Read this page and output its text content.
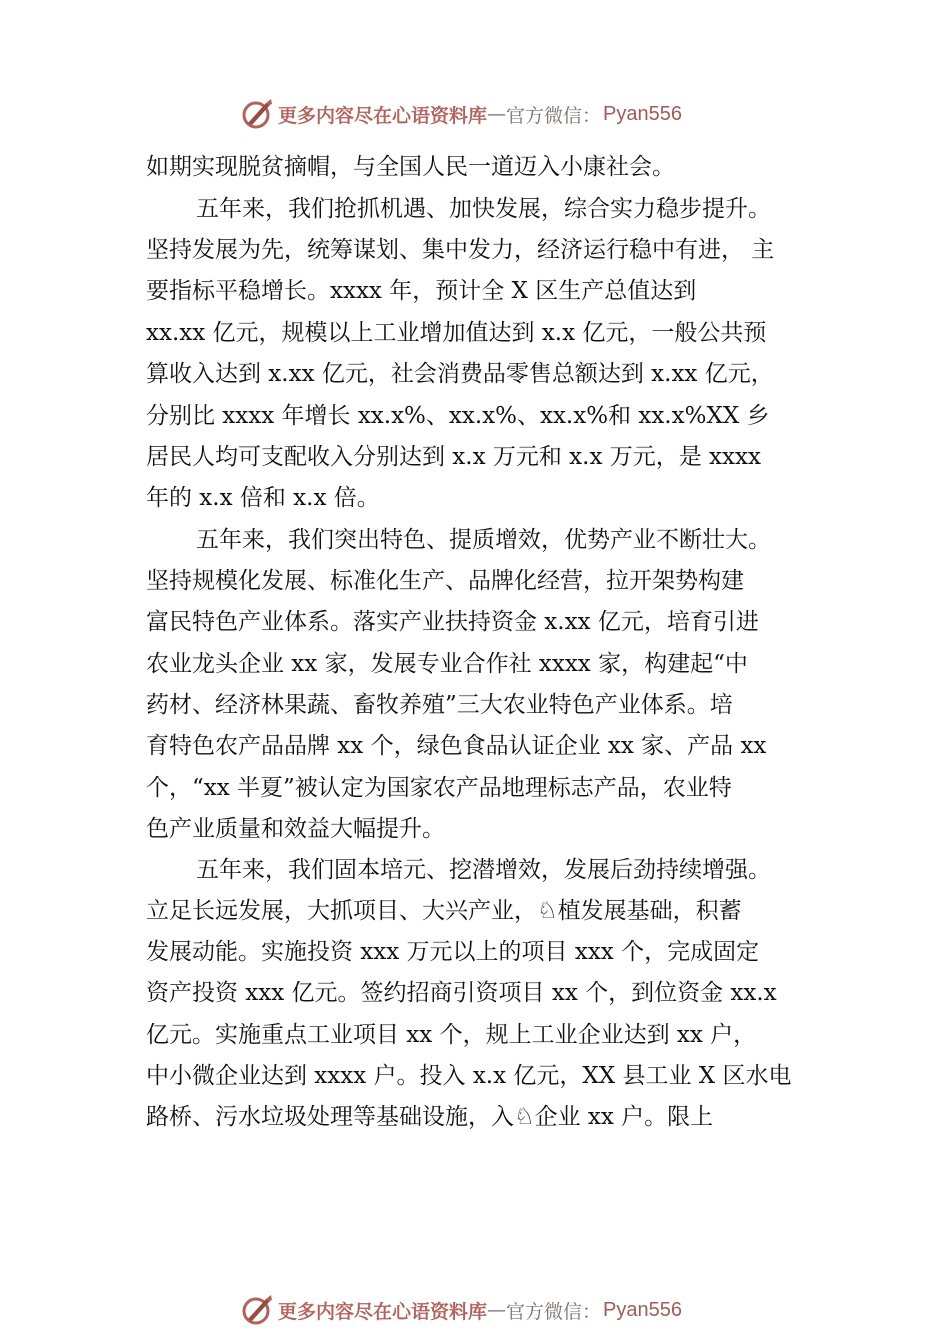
更多内容尽在心语资料库 — 官方微信： Pyan556
如期实现脱贫摘帽，与全国人民一道迈入小康社会。
五年来，我们抢抓机遇、加快发展，综合实力稳步提升。
坚持发展为先，统筹谋划、集中发力，经济运行稳中有进， 主
要指标平稳增长。xxxx 年，预计全 X 区生产总值达到
xx.xx 亿元，规模以上工业增加值达到 x.x 亿元，一般公共预
算收入达到 x.xx 亿元，社会消费品零售总额达到 x.xx 亿元，
分别比 xxxx 年增长 xx.x%、xx.x%、xx.x%和 xx.x%XX 乡
居民人均可支配收入分别达到 x.x 万元和 x.x 万元，是 xxxx
年的 x.x 倍和 x.x 倍。
五年来，我们突出特色、提质增效，优势产业不断壮大。
坚持规模化发展、标准化生产、品牌化经营，拉开架势构建
富民特色产业体系。落实产业扶持资金 x.xx 亿元，培育引进
农业龙头企业 xx 家，发展专业合作社 xxxx 家，构建起“中
药材、经济林果蔬、畜牧养殖”三大农业特色产业体系。培
育特色农产品品牌 xx 个，绿色食品认证企业 xx 家、产品 xx
个，“xx 半夏”被认定为国家农产品地理标志产品，农业特
色产业质量和效益大幅提升。
五年来，我们固本培元、挖潜增效，发展后劲持续增强。
立足长远发展，大抓项目、大兴产业，♘植发展基础，积蓄
发展动能。实施投资 xxx 万元以上的项目 xxx 个，完成固定
资产投资 xxx 亿元。签约招商引资项目 xx 个，到位资金 xx.x
亿元。实施重点工业项目 xx 个，规上工业企业达到 xx 户，
中小微企业达到 xxxx 户。投入 x.x 亿元，XX 县工业 X 区水电
路桥、污水垃圾处理等基础设施，入♘企业 xx 户。限上
更多内容尽在心语资料库 — 官方微信： Pyan556
